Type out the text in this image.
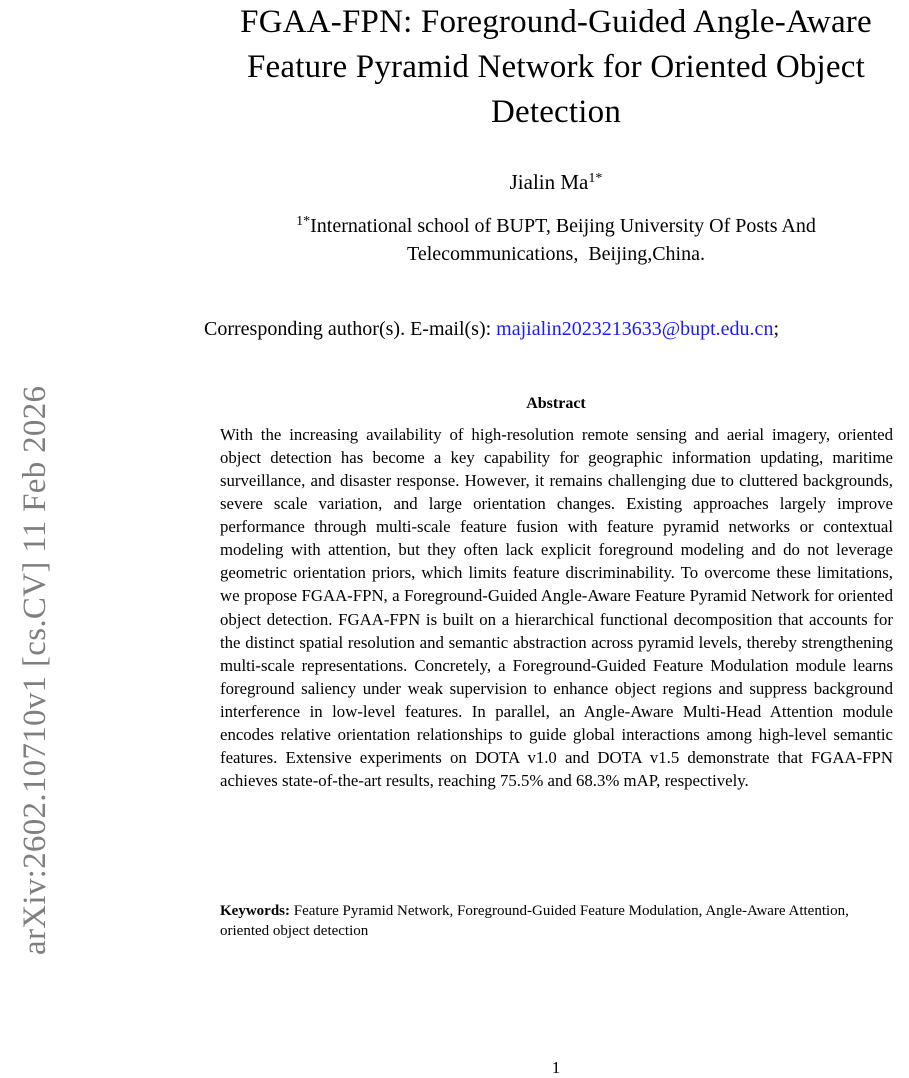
arXiv:2602.10710v1 [cs.CV] 11 Feb 2026
FGAA-FPN: Foreground-Guided Angle-Aware
Feature Pyramid Network for Oriented Object
Detection
Jialin $Ma^{1*}$
$^{1*}$International school of BUPT, Beijing University Of Posts And
Telecommunications,  Beijing,China.
Corresponding author(s). E-mail(s): majialin2023213633@bupt.edu.cn;
Abstract
With the increasing availability of high-resolution remote sensing and aerial imagery, oriented object detection has become a key capability for geographic information updating, maritime surveillance, and disaster response. However, it remains challenging due to cluttered backgrounds, severe scale variation, and large orientation changes. Existing approaches largely improve performance through multi-scale feature fusion with feature pyramid networks or contextual modeling with attention, but they often lack explicit foreground modeling and do not leverage geometric orientation priors, which limits feature discriminability. To overcome these limitations, we propose FGAA-FPN, a Foreground-Guided Angle-Aware Feature Pyramid Network for oriented object detection. FGAA-FPN is built on a hierarchical functional decomposition that accounts for the distinct spatial resolution and semantic abstraction across pyramid levels, thereby strengthening multi-scale representations. Concretely, a Foreground-Guided Feature Modulation module learns foreground saliency under weak supervision to enhance object regions and suppress background interference in low-level features. In parallel, an Angle-Aware Multi-Head Attention module encodes relative orientation relationships to guide global interactions among high-level semantic features. Extensive experiments on DOTA v1.0 and DOTA v1.5 demonstrate that FGAA-FPN achieves state-of-the-art results, reaching 75.5% and 68.3% mAP, respectively.
Keywords: Feature Pyramid Network, Foreground-Guided Feature Modulation, Angle-Aware Attention, oriented object detection
1
